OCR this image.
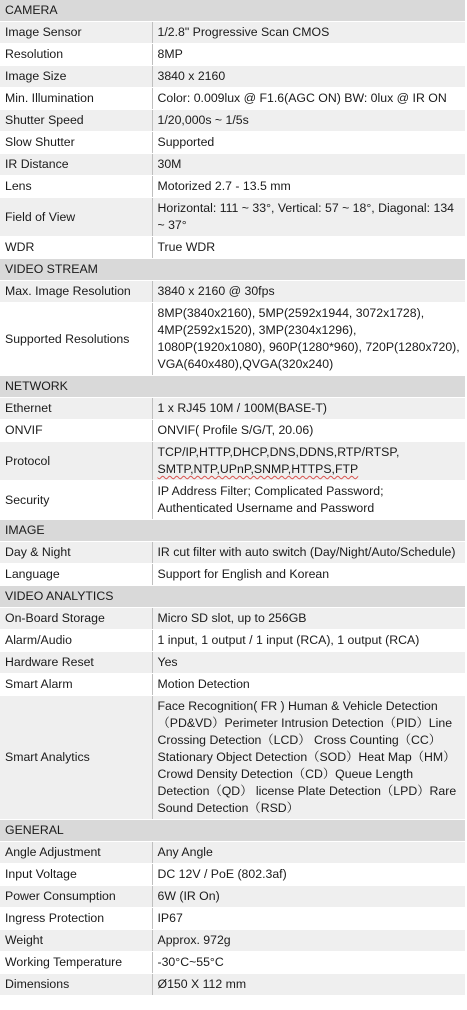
CAMERA	
Image Sensor	1/2.8" Progressive Scan CMOS
Resolution	8MP
Image Size	3840 x 2160
Min. Illumination	Color: 0.009lux @ F1.6(AGC ON) BW: 0lux @ IR ON
Shutter Speed	1/20,000s ~ 1/5s
Slow Shutter	Supported
IR Distance	30M
Lens	Motorized 2.7 - 13.5 mm
Field of View	Horizontal: 111 ~ 33°, Vertical: 57 ~ 18°, Diagonal: 134 ~ 37°
WDR	True WDR
VIDEO STREAM	
Max. Image Resolution	3840 x 2160 @ 30fps
Supported Resolutions	8MP(3840x2160), 5MP(2592x1944, 3072x1728), 4MP(2592x1520), 3MP(2304x1296), 1080P(1920x1080), 960P(1280*960), 720P(1280x720), VGA(640x480),QVGA(320x240)
NETWORK	
Ethernet	1 x RJ45 10M / 100M(BASE-T)
ONVIF	ONVIF( Profile S/G/T, 20.06)
Protocol	TCP/IP,HTTP,DHCP,DNS,DDNS,RTP/RTSP,
SMTP,NTP,UPnP,SNMP,HTTPS,FTP
Security	IP Address Filter; Complicated Password; Authenticated Username and Password
IMAGE	
Day & Night	IR cut filter with auto switch (Day/Night/Auto/Schedule)
Language	Support for English and Korean
VIDEO ANALYTICS	
On-Board Storage	Micro SD slot, up to 256GB
Alarm/Audio	1 input, 1 output / 1 input (RCA), 1 output (RCA)
Hardware Reset	Yes
Smart Alarm	Motion Detection
Smart Analytics	Face Recognition( FR ) Human & Vehicle Detection（PD&VD）Perimeter Intrusion Detection（PID）Line Crossing Detection（LCD） Cross Counting（CC）Stationary Object Detection（SOD）Heat Map（HM）Crowd Density Detection（CD）Queue Length Detection（QD） license Plate Detection（LPD）Rare Sound Detection（RSD）
GENERAL	
Angle Adjustment	Any Angle
Input Voltage	DC 12V / PoE (802.3af)
Power Consumption	6W (IR On)
Ingress Protection	IP67
Weight	Approx. 972g
Working Temperature	-30°C~55°C
Dimensions	Ø150 X 112 mm
